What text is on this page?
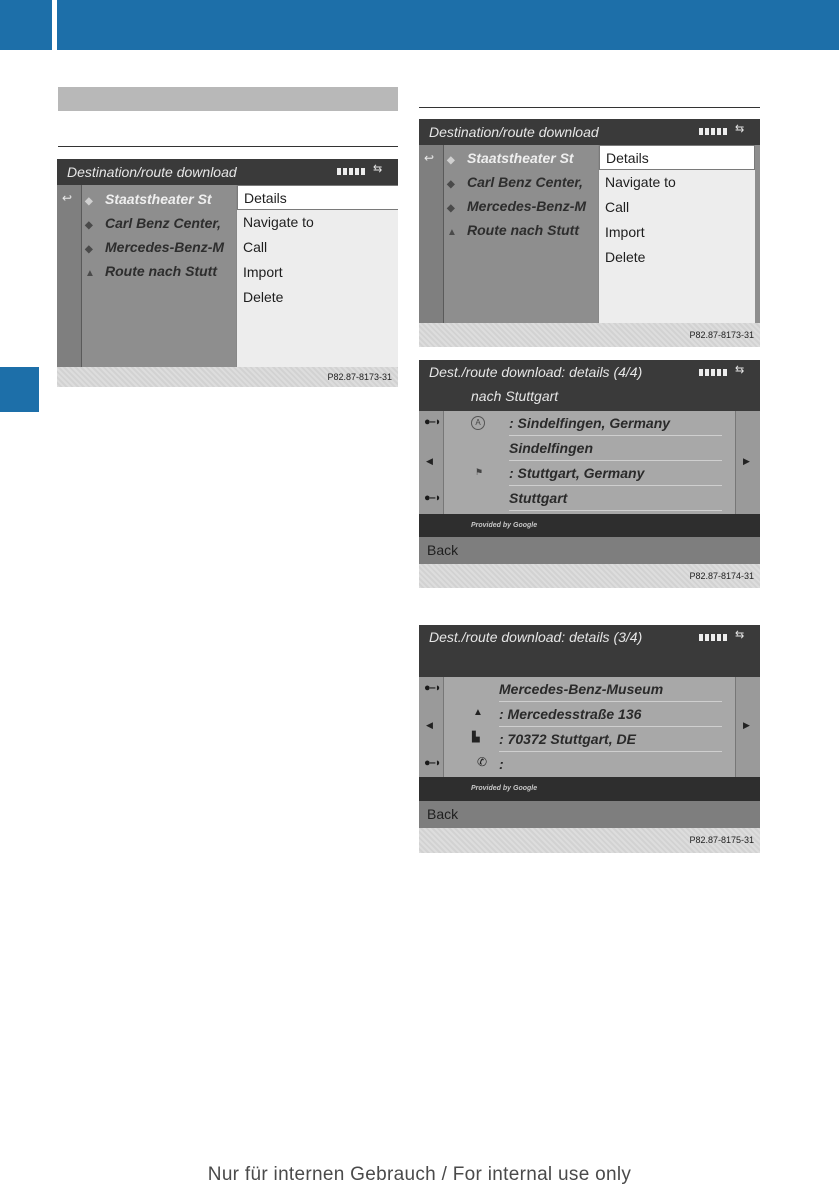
Destination/route download	⇆
↩ ◆ Staatstheater St
◆ Carl Benz Center,
◆ Mercedes-Benz-M
▲ Route nach Stutt
Details
Navigate to
Call
Import
Delete
P82.87-8173-31
Destination/route download	⇆
↩ ◆ Staatstheater St
◆ Carl Benz Center,
◆ Mercedes-Benz-M
▲ Route nach Stutt
Details
Navigate to
Call
Import
Delete
P82.87-8173-31
Dest./route download: details (4/4)
nach Stuttgart
⇆
◀	▶
●–◗	A	: Sindelfingen, Germany
Sindelfingen
⚑ : Stuttgart, Germany
●–◗	Stuttgart
Provided by Google
Back
P82.87-8174-31
Dest./route download: details (3/4)	⇆
◀	▶
●–◗	Mercedes-Benz-Museum
▲ : Mercedesstraße 136
▙ : 70372 Stuttgart, DE
●–◗	✆ :
Provided by Google
Back
P82.87-8175-31
Nur für internen Gebrauch / For internal use only
